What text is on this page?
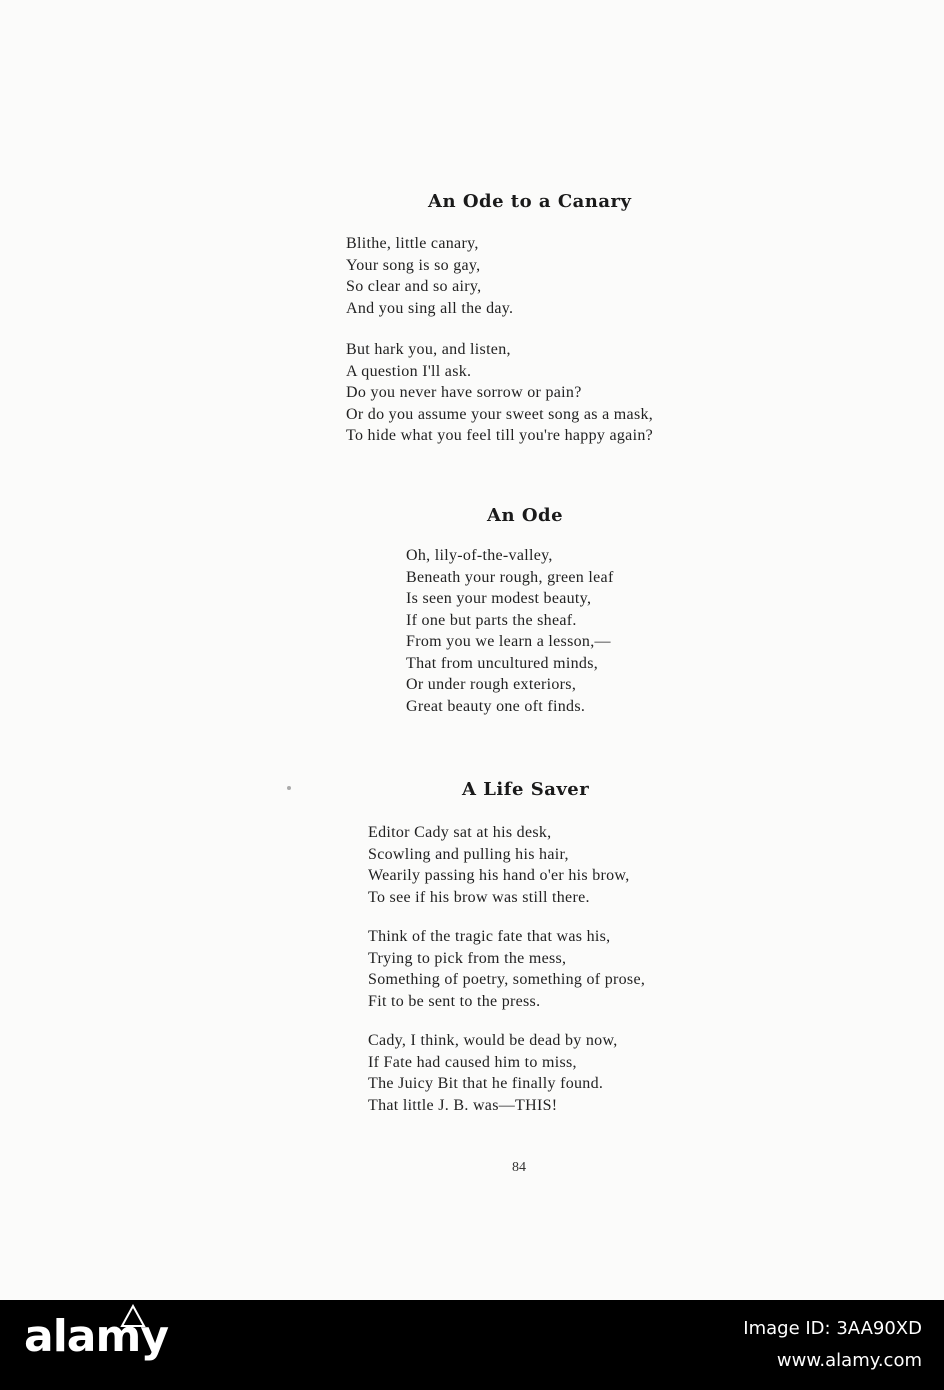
An Ode to a Canary
Blithe, little canary,
Your song is so gay,
So clear and so airy,
And you sing all the day.
But hark you, and listen,
A question I'll ask.
Do you never have sorrow or pain?
Or do you assume your sweet song as a mask,
To hide what you feel till you're happy again?
An Ode
Oh, lily-of-the-valley,
Beneath your rough, green leaf
Is seen your modest beauty,
If one but parts the sheaf.
From you we learn a lesson,—
That from uncultured minds,
Or under rough exteriors,
Great beauty one oft finds.
A Life Saver
Editor Cady sat at his desk,
Scowling and pulling his hair,
Wearily passing his hand o'er his brow,
To see if his brow was still there.
Think of the tragic fate that was his,
Trying to pick from the mess,
Something of poetry, something of prose,
Fit to be sent to the press.
Cady, I think, would be dead by now,
If Fate had caused him to miss,
The Juicy Bit that he finally found.
That little J. B. was—THIS!
84
alamy	Image ID: 3AA90XD
www.alamy.com
